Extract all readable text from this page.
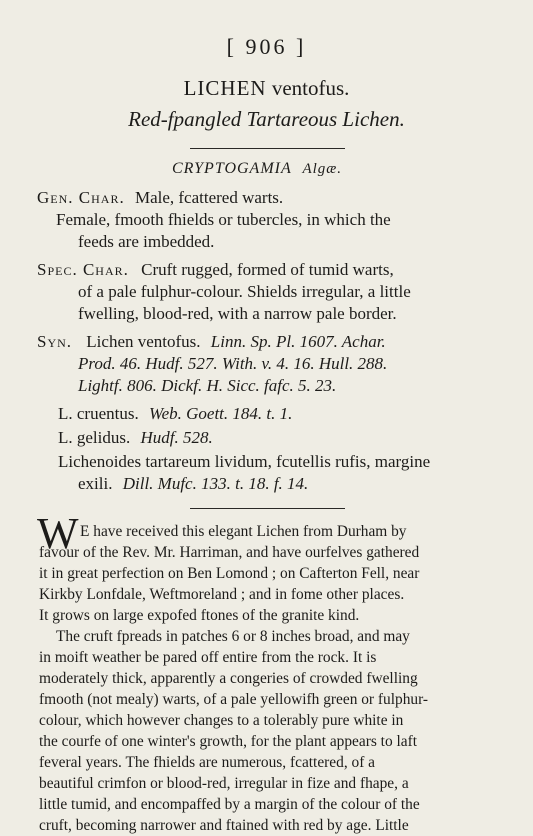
[ 906 ]
LICHEN ventofus.
Red-fpangled Tartareous Lichen.
CRYPTOGAMIA Algæ.
Gen. Char. Male, fcattered warts.
Female, fmooth fhields or tubercles, in which the
feeds are imbedded.
Spec. Char. Cruft rugged, formed of tumid warts,
of a pale fulphur-colour. Shields irregular, a little
fwelling, blood-red, with a narrow pale border.
Syn. Lichen ventofus. Linn. Sp. Pl. 1607. Achar.
Prod. 46. Hudf. 527. With. v. 4. 16. Hull. 288.
Lightf. 806. Dickf. H. Sicc. fafc. 5. 23.
L. cruentus. Web. Goett. 184. t. 1.
L. gelidus. Hudf. 528.
Lichenoides tartareum lividum, fcutellis rufis, margine
exili. Dill. Mufc. 133. t. 18. f. 14.
W E have received this elegant Lichen from Durham by
favour of the Rev. Mr. Harriman, and have ourfelves gathered
it in great perfection on Ben Lomond ; on Cafterton Fell, near
Kirkby Lonfdale, Weftmoreland ; and in fome other places.
It grows on large expofed ftones of the granite kind.
The cruft fpreads in patches 6 or 8 inches broad, and may
in moift weather be pared off entire from the rock. It is
moderately thick, apparently a congeries of crowded fwelling
fmooth (not mealy) warts, of a pale yellowifh green or fulphur-
colour, which however changes to a tolerably pure white in
the courfe of one winter's growth, for the plant appears to laft
feveral years. The fhields are numerous, fcattered, of a
beautiful crimfon or blood-red, irregular in fize and fhape, a
little tumid, and encompaffed by a margin of the colour of the
cruft, becoming narrower and ftained with red by age. Little
